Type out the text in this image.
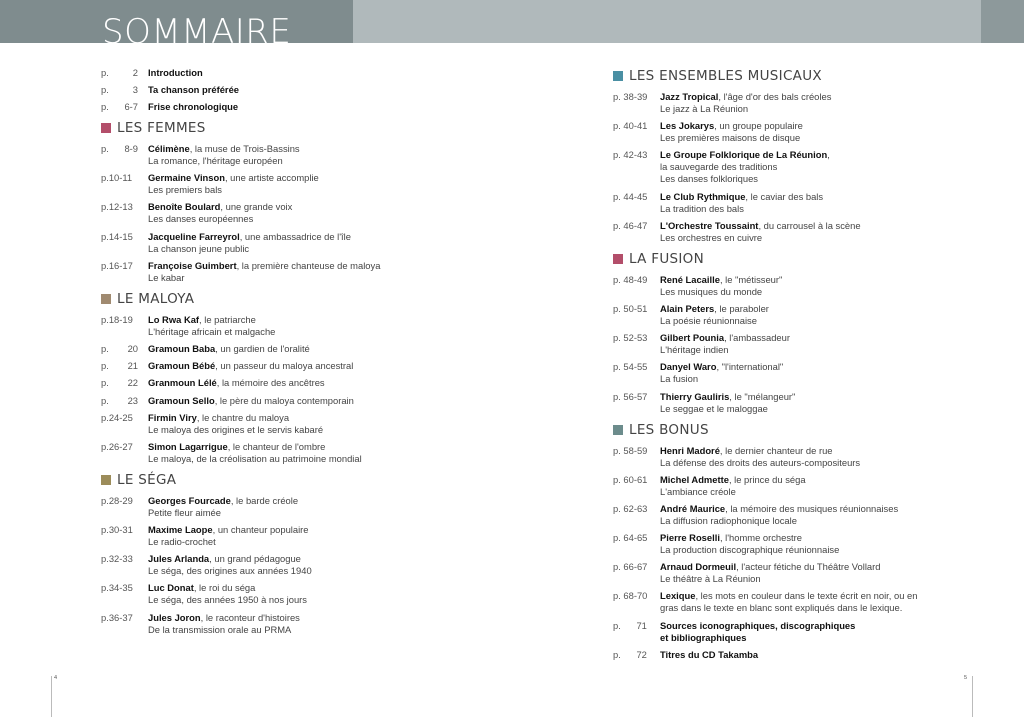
SOMMAIRE
p.	2 Introduction
p.	3 Ta chanson préférée
p. 6-7 Frise chronologique
LES FEMMES
p. 8-9 Célimène, la muse de Trois-Bassins
La romance, l'héritage européen
p.10-11 Germaine Vinson, une artiste accomplie
Les premiers bals
p.12-13 Benoîte Boulard, une grande voix
Les danses européennes
p.14-15 Jacqueline Farreyrol, une ambassadrice de l'île
La chanson jeune public
p.16-17 Françoise Guimbert, la première chanteuse de maloya
Le kabar
LE MALOYA
p.18-19 Lo Rwa Kaf, le patriarche
L'héritage africain et malgache
p. 20 Gramoun Baba, un gardien de l'oralité
p. 21 Gramoun Bébé, un passeur du maloya ancestral
p. 22 Granmoun Lélé, la mémoire des ancêtres
p. 23 Gramoun Sello, le père du maloya contemporain
p.24-25 Firmin Viry, le chantre du maloya
Le maloya des origines et le servis kabaré
p.26-27 Simon Lagarrigue, le chanteur de l'ombre
Le maloya, de la créolisation au patrimoine mondial
LE SÉGA
p.28-29 Georges Fourcade, le barde créole
Petite fleur aimée
p.30-31 Maxime Laope, un chanteur populaire
Le radio-crochet
p.32-33 Jules Arlanda, un grand pédagogue
Le séga, des origines aux années 1940
p.34-35 Luc Donat, le roi du séga
Le séga, des années 1950 à nos jours
p.36-37 Jules Joron, le raconteur d'histoires
De la transmission orale au PRMA
LES ENSEMBLES MUSICAUX
p. 38-39 Jazz Tropical, l'âge d'or des bals créoles
Le jazz à La Réunion
p. 40-41 Les Jokarys, un groupe populaire
Les premières maisons de disque
p. 42-43 Le Groupe Folklorique de La Réunion,
la sauvegarde des traditions
Les danses folkloriques
p. 44-45 Le Club Rythmique, le caviar des bals
La tradition des bals
p. 46-47 L'Orchestre Toussaint, du carrousel à la scène
Les orchestres en cuivre
LA FUSION
p. 48-49 René Lacaille, le "métisseur"
Les musiques du monde
p. 50-51 Alain Peters, le paraboler
La poésie réunionnaise
p. 52-53 Gilbert Pounia, l'ambassadeur
L'héritage indien
p. 54-55 Danyel Waro, "l'international"
La fusion
p. 56-57 Thierry Gauliris, le "mélangeur"
Le seggae et le maloggae
LES BONUS
p. 58-59 Henri Madoré, le dernier chanteur de rue
La défense des droits des auteurs-compositeurs
p. 60-61 Michel Admette, le prince du séga
L'ambiance créole
p. 62-63 André Maurice, la mémoire des musiques réunionnaises
La diffusion radiophonique locale
p. 64-65 Pierre Roselli, l'homme orchestre
La production discographique réunionnaise
p. 66-67 Arnaud Dormeuil, l'acteur fétiche du Théâtre Vollard
Le théâtre à La Réunion
p. 68-70 Lexique, les mots en couleur dans le texte écrit en noir, ou en
gras dans le texte en blanc sont expliqués dans le lexique.
p.      71 Sources iconographiques, discographiques
et bibliographiques
p.      72 Titres du CD Takamba
4	5
